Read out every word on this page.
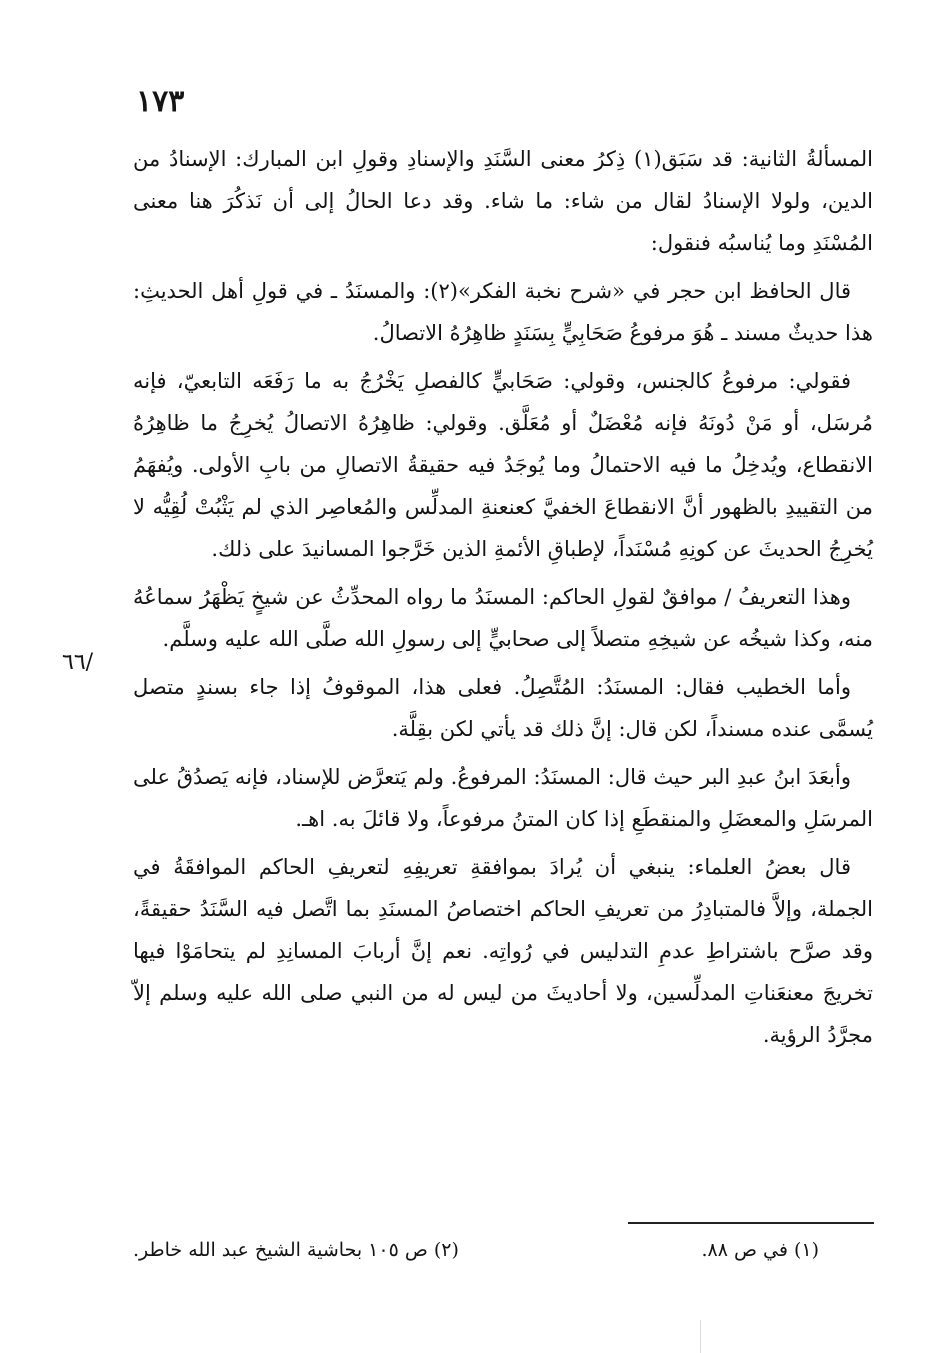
١٧٣
٦٦/

المسألةُ الثانية: قد سَبَق(١) ذِكرُ معنى السَّنَدِ والإسنادِ وقولِ ابن المبارك: الإسنادُ من الدين، ولولا الإسنادُ لقال من شاء: ما شاء. وقد دعا الحالُ إلى أن نَذكُرَ هنا معنى المُسْنَدِ وما يُناسبُه فنقول:

قال الحافظ ابن حجر في «شرح نخبة الفكر»(٢): والمسنَدُ ـ في قولِ أهل الحديثِ: هذا حديثٌ مسند ـ هُوَ مرفوعُ صَحَابِيٍّ بِسَنَدٍ ظاهِرُهُ الاتصالُ.

فقولي: مرفوعُ كالجنس، وقولي: صَحَابيٍّ كالفصلِ يَخْرُجُ به ما رَفَعَه التابعيّ، فإنه مُرسَل، أو مَنْ دُونَهُ فإنه مُعْضَلٌ أو مُعَلَّق. وقولي: ظاهِرُهُ الاتصالُ يُخرِجُ ما ظاهِرُهُ الانقطاع، ويُدخِلُ ما فيه الاحتمالُ وما يُوجَدُ فيه حقيقةُ الاتصالِ من بابِ الأولى. ويُفهَمُ من التقييدِ بالظهور أنَّ الانقطاعَ الخفيَّ كعنعنةِ المدلِّس والمُعاصِر الذي لم يَثْبُتْ لُقِيُّه لا يُخرِجُ الحديثَ عن كونِهِ مُسْنَداً، لإطباقِ الأئمةِ الذين خَرَّجوا المسانيدَ على ذلك.

وهذا التعريفُ / موافقٌ لقولِ الحاكم: المسنَدُ ما رواه المحدِّثُ عن شيخٍ يَظْهَرُ سماعُهُ منه، وكذا شيخُه عن شيخِهِ متصلاً إلى صحابيٍّ إلى رسولِ الله صلَّى الله عليه وسلَّم.

وأما الخطيب فقال: المسنَدُ: المُتَّصِلُ. فعلى هذا، الموقوفُ إذا جاء بسندٍ متصل يُسمَّى عنده مسنداً، لكن قال: إنَّ ذلك قد يأتي لكن بقِلَّة.

وأبعَدَ ابنُ عبدِ البر حيث قال: المسنَدُ: المرفوعُ. ولم يَتعرَّض للإسناد، فإنه يَصدُقُ على المرسَلِ والمعضَلِ والمنقطَعِ إذا كان المتنُ مرفوعاً، ولا قائلَ به. اهـ.

قال بعضُ العلماء: ينبغي أن يُرادَ بموافقةِ تعريفِهِ لتعريفِ الحاكم الموافقَةُ في الجملة، وإلاَّ فالمتبادِرُ من تعريفِ الحاكم اختصاصُ المسنَدِ بما اتَّصل فيه السَّنَدُ حقيقةً، وقد صرَّح باشتراطِ عدمِ التدليس في رُواتِه. نعم إنَّ أربابَ المسانِدِ لم يتحامَوْا فيها تخريجَ معنعَناتِ المدلِّسين، ولا أحاديثَ من ليس له من النبي صلى الله عليه وسلم إلاّ مجرَّدُ الرؤية.

(١) في ص ٨٨.
(٢) ص ١٠٥ بحاشية الشيخ عبد الله خاطر.
